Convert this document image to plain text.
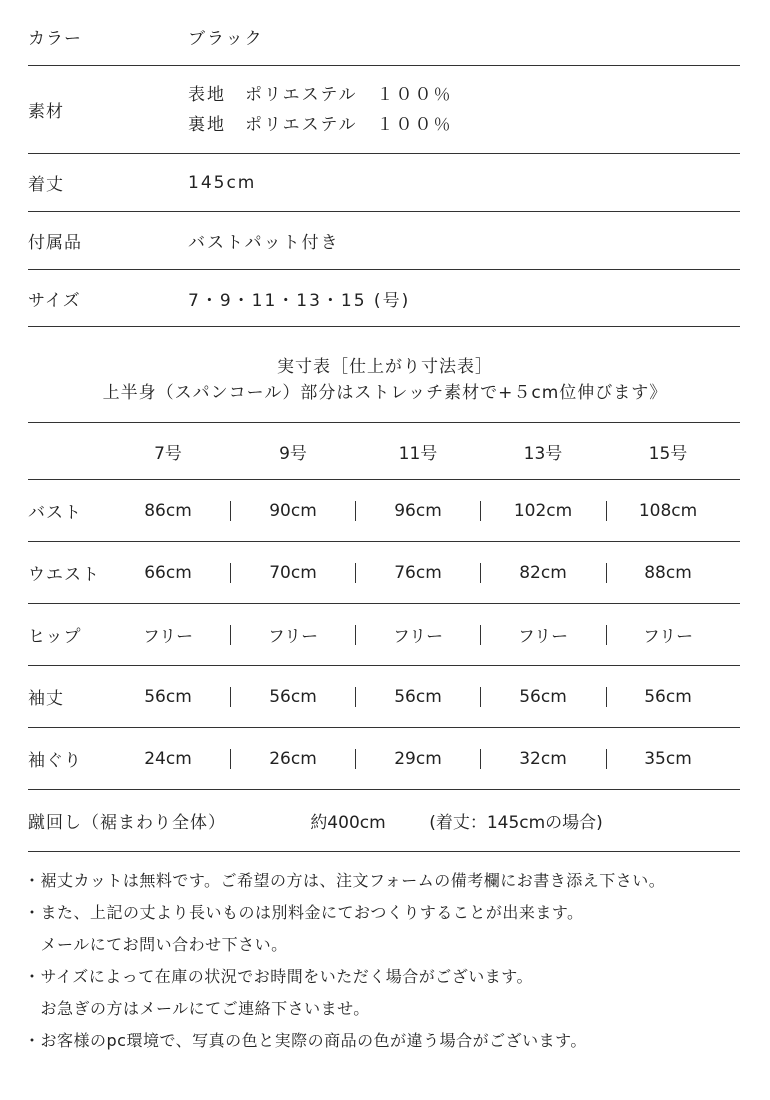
カラー	ブラック
素材
表地　ポリエステル　１００％
裏地　ポリエステル　１００％
着丈	145cm
付属品	バストパット付き
サイズ	7・9・11・13・15 (号)
実寸表［仕上がり寸法表］
上半身（スパンコール）部分はストレッチ素材で+５cm位伸びます》
7号	9号	11号	13号	15号
バスト	86cm	90cm	96cm	102cm	108cm
ウエスト	66cm	70cm	76cm	82cm	88cm
ヒップ	フリー	フリー	フリー	フリー	フリー
袖丈	56cm	56cm	56cm	56cm	56cm
袖ぐり	24cm	26cm	29cm	32cm	35cm
蹴回し（裾まわり全体）	約400cm	(着丈：145cmの場合)
・裾丈カットは無料です。ご希望の方は、注文フォームの備考欄にお書き添え下さい。
・また、上記の丈より長いものは別料金にておつくりすることが出来ます。
　メールにてお問い合わせ下さい。
・サイズによって在庫の状況でお時間をいただく場合がございます。
　お急ぎの方はメールにてご連絡下さいませ。
・お客様のpc環境で、写真の色と実際の商品の色が違う場合がございます。
